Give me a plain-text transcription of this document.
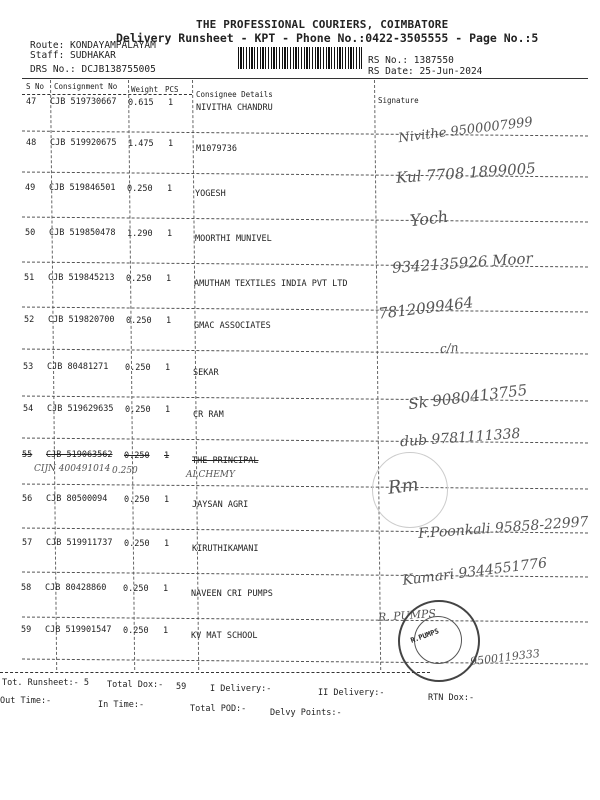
THE PROFESSIONAL COURIERS, COIMBATORE
Delivery Runsheet - KPT - Phone No.:0422-3505555 - Page No.:5
Route: KONDAYAMPALAYAM
Staff: SUDHAKAR
DRS No.: DCJB138755005
RS No.: 1387550
RS Date: 25-Jun-2024
S No Consignment No Weight PCS
Consignee Details
Signature
47 CJB 519730667 0.615 1	NIVITHA CHANDRU
Nivithe 9500007999
48 CJB 519920675 1.475 1	M1079736
Kul 7708 1899005
49 CJB 519846501 0.250 1	YOGESH
Yoch
50 CJB 519850478 1.290 1	MOORTHI MUNIVEL
9342135926 Moor
51 CJB 519845213 0.250 1	AMUTHAM TEXTILES INDIA PVT LTD
7812099464
52 CJB 519820700 0.250 1	GMAC ASSOCIATES
c/n
53 CJB 80481271 0.250 1	SEKAR
Sk 9080413755
54 CJB 519629635 0.250 1	CR RAM
dub 9781111338
55 CJB 519063562 0.250 1	THE PRINCIPAL
CIJN 400491014 0.250	ALCHEMY	Rm
56 CJB 80500094 0.250 1	JAYSAN AGRI
F.Poonkali 95858-22997
57 CJB 519911737 0.250 1	KIRUTHIKAMANI
Kumari 9344551776
58 CJB 80428860 0.250 1	NAVEEN CRI PUMPS
R. PUMPS
59 CJB 519901547 0.250 1	KV MAT SCHOOL
9500119333
R.PUMPS
Tot. Runsheet:- 5 Total Dox:- 59	I Delivery:-	II Delivery:-	RTN Dox:-
Out Time:-	In Time:-	Total POD:-	Delvy Points:-
